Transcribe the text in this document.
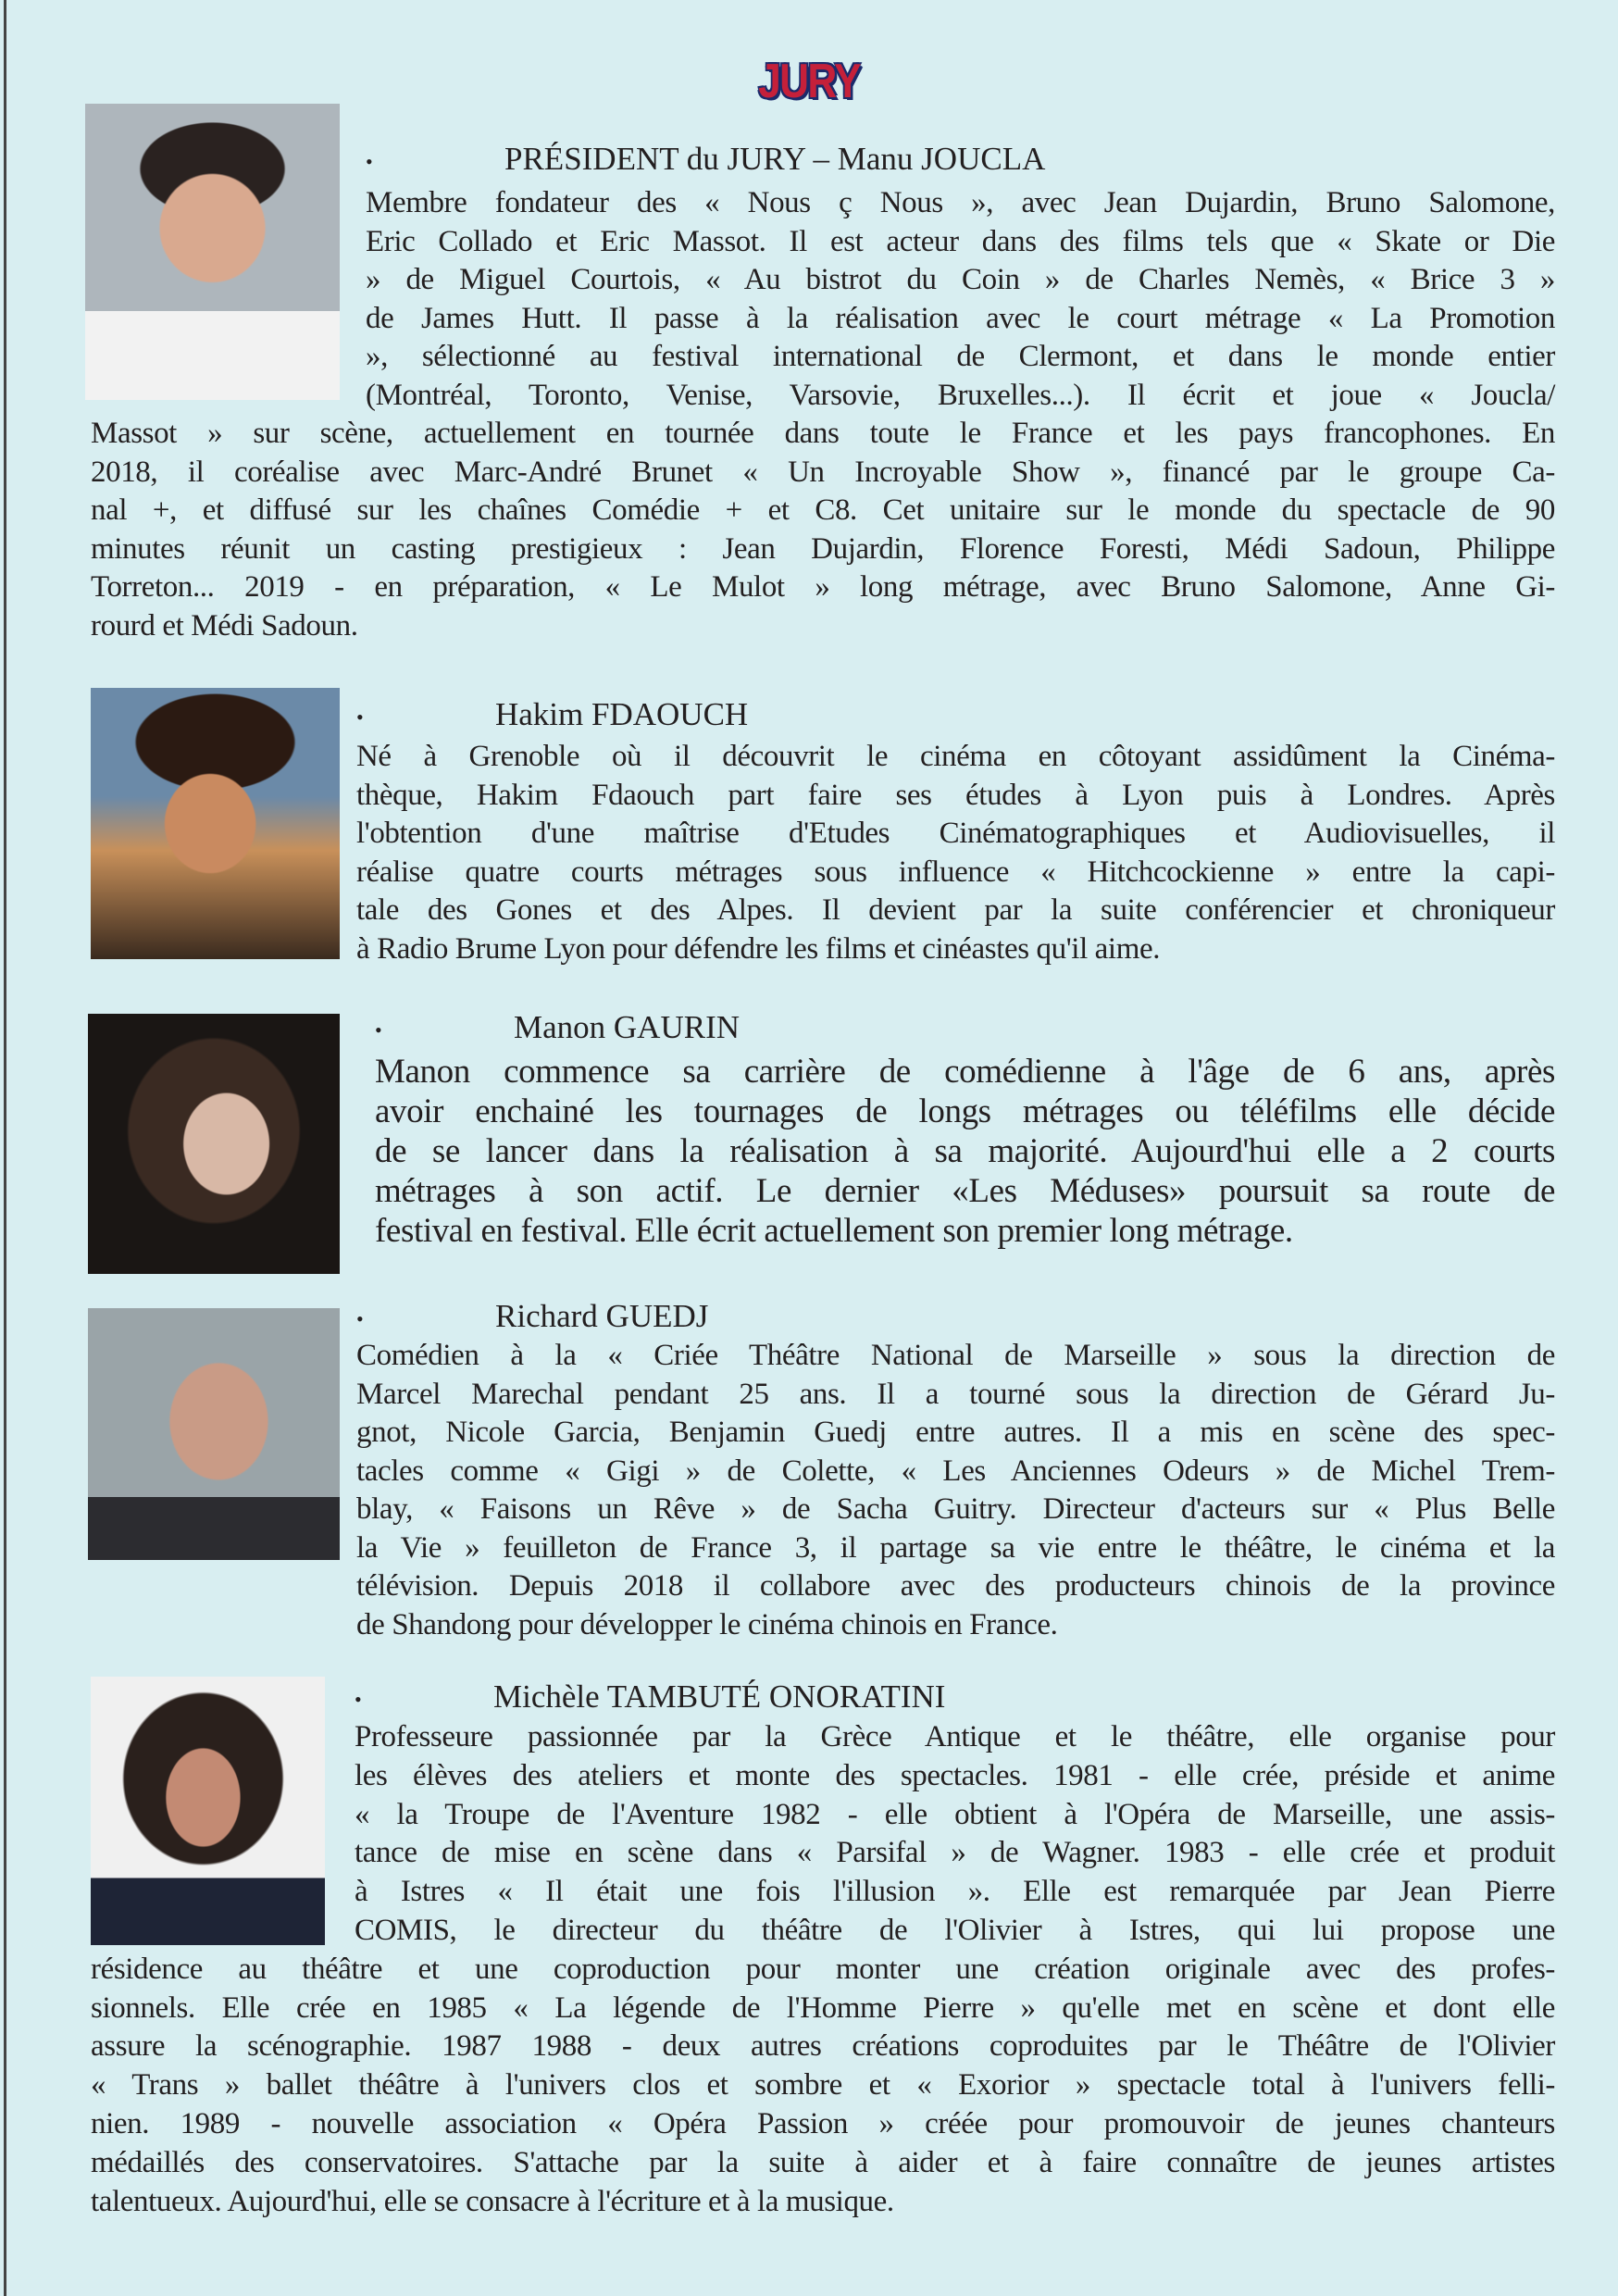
JURY
•	PRÉSIDENT du JURY – Manu JOUCLA
Membre fondateur des « Nous ç Nous », avec Jean Dujardin, Bruno Salomone,
Eric Collado et Eric Massot. Il est acteur dans des films tels que « Skate or Die
» de Miguel Courtois, « Au bistrot du Coin » de Charles Nemès, « Brice 3 »
de James Hutt. Il passe à la réalisation avec le court métrage « La Promotion
», sélectionné au festival international de Clermont, et dans le monde entier
(Montréal, Toronto, Venise, Varsovie, Bruxelles...). Il écrit et joue « Joucla/
Massot » sur scène, actuellement en tournée dans toute le France et les pays francophones. En
2018, il coréalise avec Marc-André Brunet « Un Incroyable Show », financé par le groupe Ca-
nal +, et diffusé sur les chaînes Comédie + et C8. Cet unitaire sur le monde du spectacle de 90
minutes réunit un casting prestigieux : Jean Dujardin, Florence Foresti, Médi Sadoun, Philippe
Torreton... 2019 - en préparation, « Le Mulot » long métrage, avec Bruno Salomone, Anne Gi-
rourd et Médi Sadoun.
•	Hakim FDAOUCH
Né à Grenoble où il découvrit le cinéma en côtoyant assidûment la Cinéma-
thèque, Hakim Fdaouch part faire ses études à Lyon puis à Londres. Après
l'obtention d'une maîtrise d'Etudes Cinématographiques et Audiovisuelles, il
réalise quatre courts métrages sous influence « Hitchcockienne » entre la capi-
tale des Gones et des Alpes. Il devient par la suite conférencier et chroniqueur
à Radio Brume Lyon pour défendre les films et cinéastes qu'il aime.
•	Manon GAURIN
Manon commence sa carrière de comédienne à l'âge de 6 ans, après
avoir enchainé les tournages de longs métrages ou téléfilms elle décide
de se lancer dans la réalisation à sa majorité. Aujourd'hui elle a 2 courts
métrages à son actif. Le dernier «Les Méduses» poursuit sa route de
festival en festival. Elle écrit actuellement son premier long métrage.
•	Richard GUEDJ
Comédien à la « Criée Théâtre National de Marseille » sous la direction de
Marcel Marechal pendant 25 ans. Il a tourné sous la direction de Gérard Ju-
gnot, Nicole Garcia, Benjamin Guedj entre autres. Il a mis en scène des spec-
tacles comme « Gigi » de Colette, « Les Anciennes Odeurs » de Michel Trem-
blay, « Faisons un Rêve » de Sacha Guitry. Directeur d'acteurs sur « Plus Belle
la Vie » feuilleton de France 3, il partage sa vie entre le théâtre, le cinéma et la
télévision. Depuis 2018 il collabore avec des producteurs chinois de la province
de Shandong pour développer le cinéma chinois en France.
•	Michèle TAMBUTÉ ONORATINI
Professeure passionnée par la Grèce Antique et le théâtre, elle organise pour
les élèves des ateliers et monte des spectacles. 1981 - elle crée, préside et anime
« la Troupe de l'Aventure 1982 - elle obtient à l'Opéra de Marseille, une assis-
tance de mise en scène dans « Parsifal » de Wagner. 1983 - elle crée et produit
à Istres « Il était une fois l'illusion ». Elle est remarquée par Jean Pierre
COMIS, le directeur du théâtre de l'Olivier à Istres, qui lui propose une
résidence au théâtre et une coproduction pour monter une création originale avec des profes-
sionnels. Elle crée en 1985 « La légende de l'Homme Pierre » qu'elle met en scène et dont elle
assure la scénographie. 1987 1988 - deux autres créations coproduites par le Théâtre de l'Olivier
« Trans » ballet théâtre à l'univers clos et sombre et « Exorior » spectacle total à l'univers felli-
nien. 1989 - nouvelle association « Opéra Passion » créée pour promouvoir de jeunes chanteurs
médaillés des conservatoires. S'attache par la suite à aider et à faire connaître de jeunes artistes
talentueux. Aujourd'hui, elle se consacre à l'écriture et à la musique.
